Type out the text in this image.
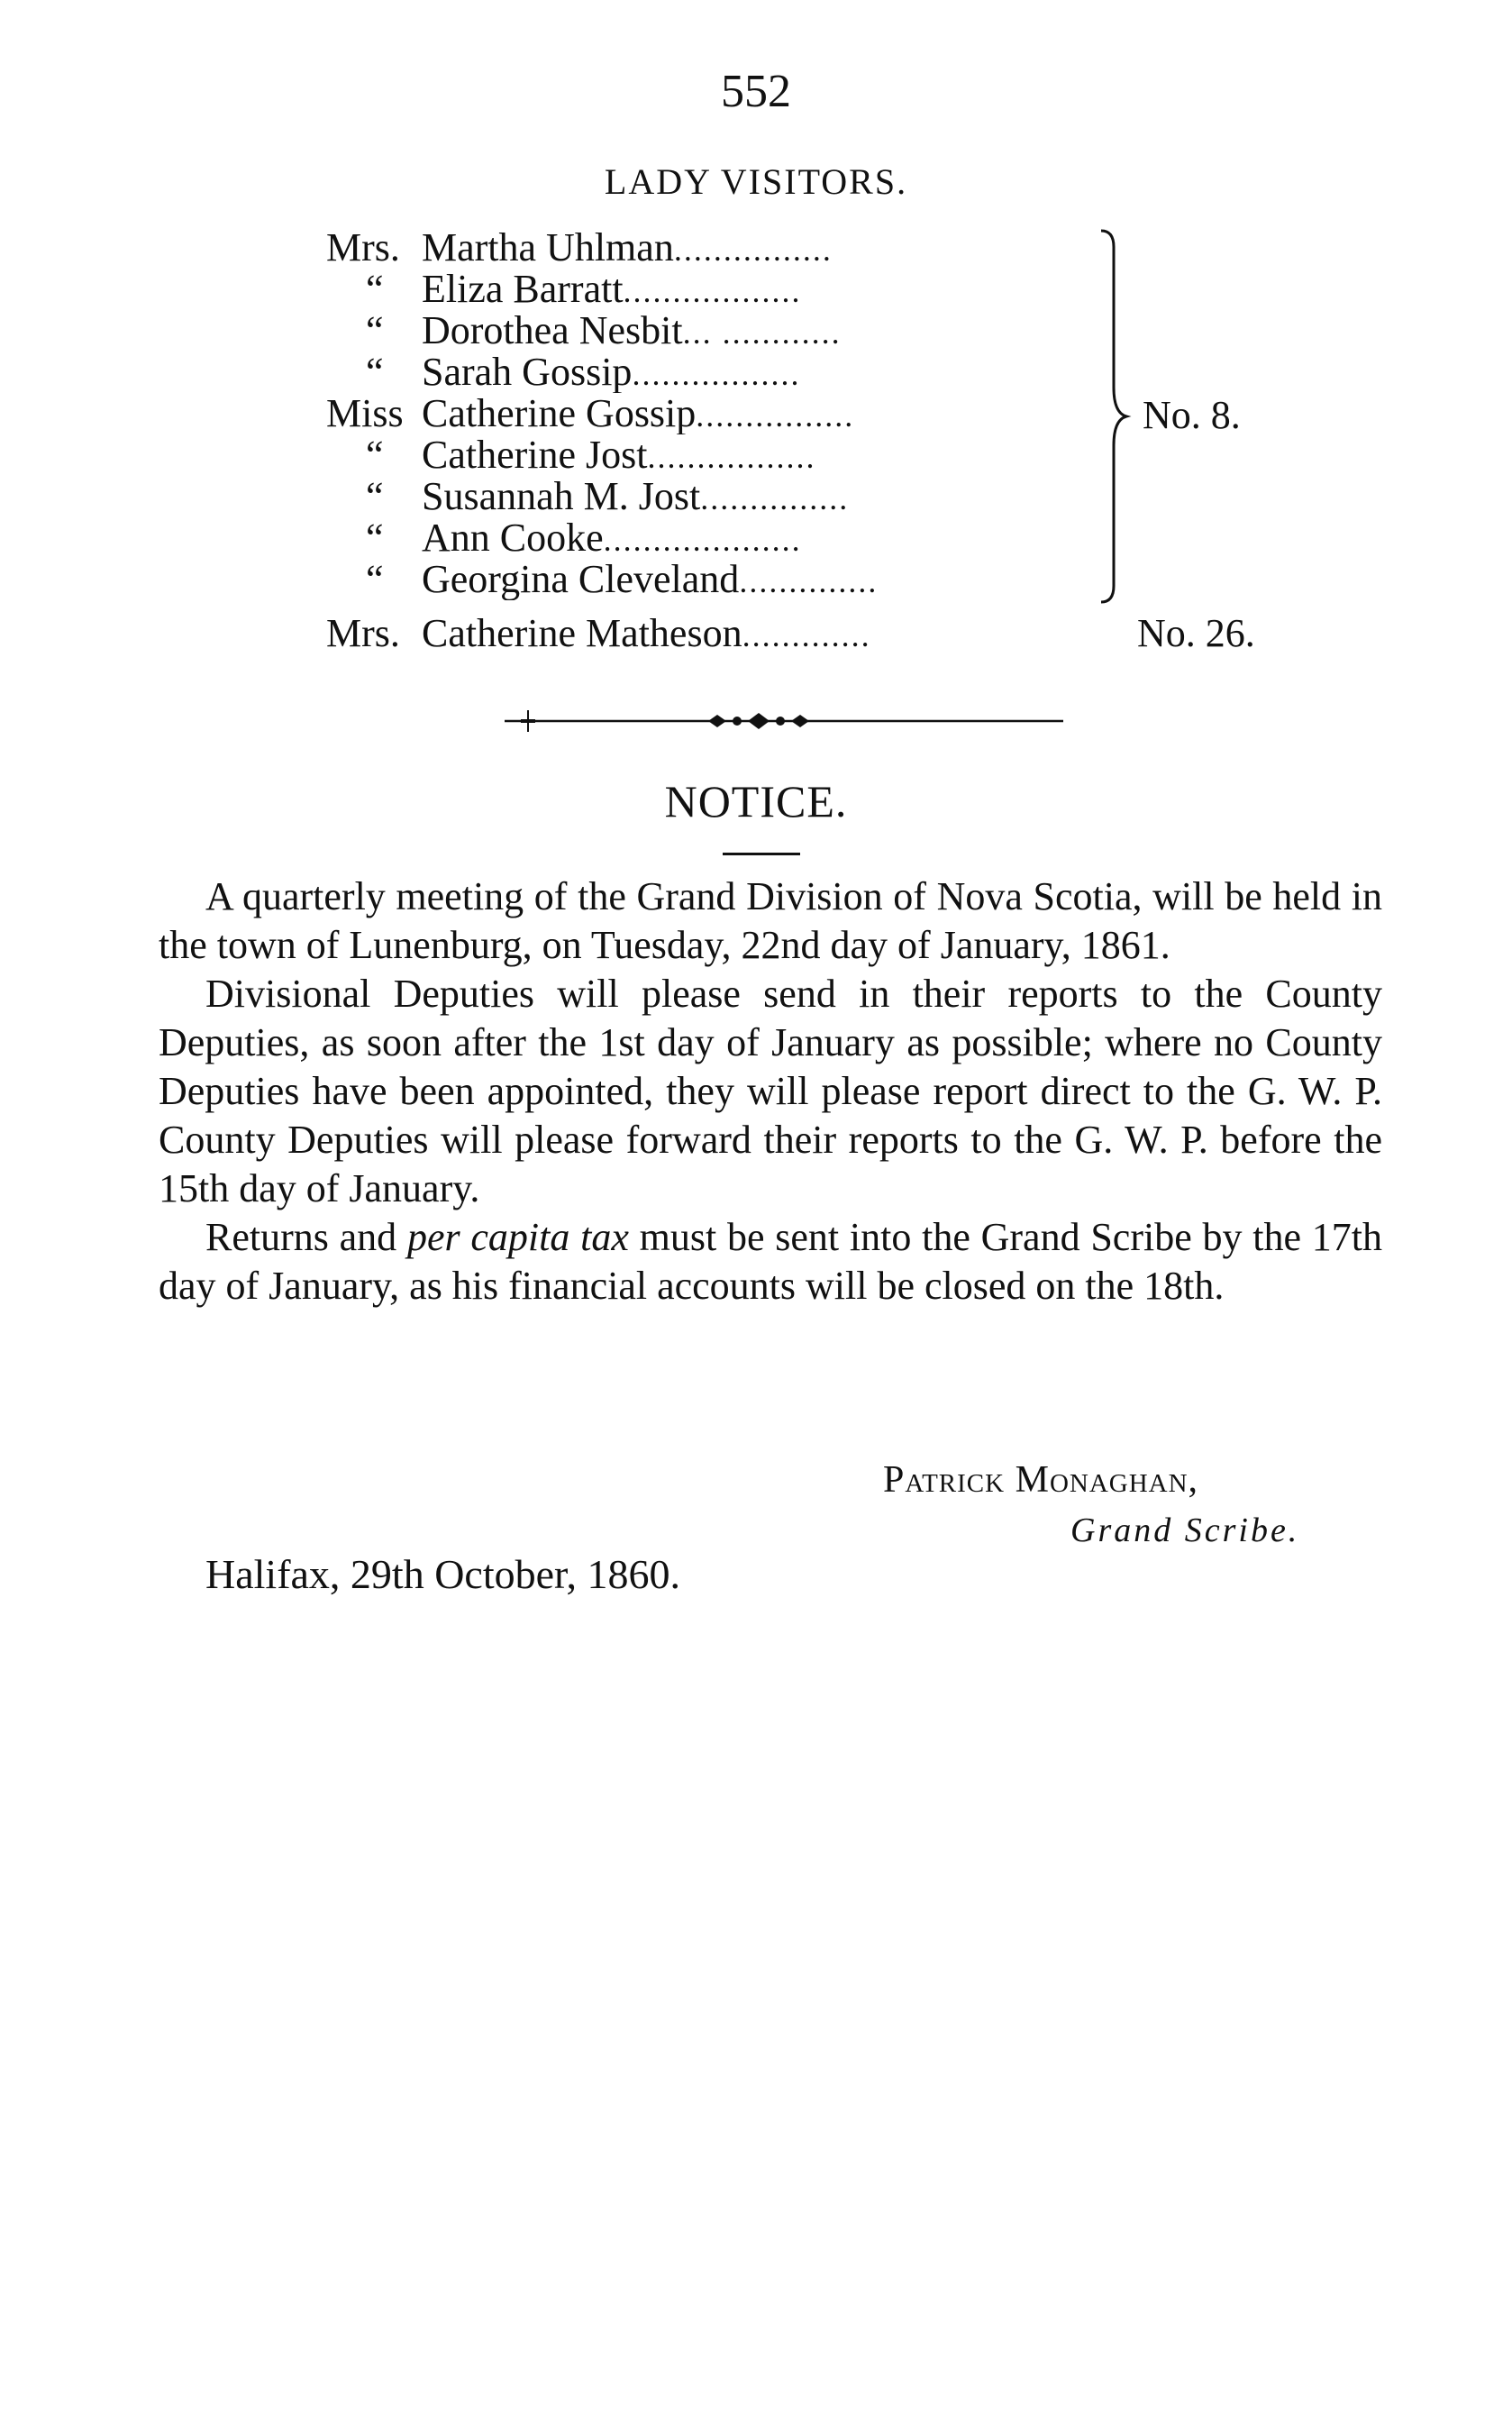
552
LADY VISITORS.
Mrs. Martha Uhlman................
“ Eliza Barratt..................
“ Dorothea Nesbit... ............
“ Sarah Gossip.................
Miss Catherine Gossip................
“ Catherine Jost.................
“ Susannah M. Jost...............
“ Ann Cooke....................
“ Georgina Cleveland..............
Mrs. Catherine Matheson.............
No. 8.
No. 26.
NOTICE.

A quarterly meeting of the Grand Division of Nova Scotia, will be held in the town of Lunenburg, on Tuesday, 22nd day of January, 1861.

Divisional Deputies will please send in their reports to the County Deputies, as soon after the 1st day of January as possible; where no County Deputies have been appointed, they will please report direct to the G. W. P. County Deputies will please forward their reports to the G. W. P. before the 15th day of January.

Returns and per capita tax must be sent into the Grand Scribe by the 17th day of January, as his financial accounts will be closed on the 18th.

Patrick Monaghan,
Grand Scribe.
Halifax, 29th October, 1860.
